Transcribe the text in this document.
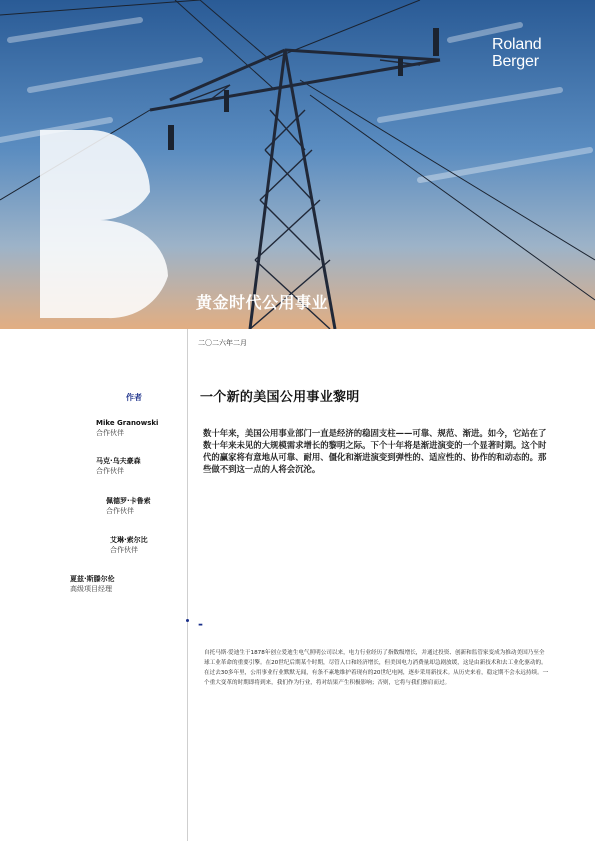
Roland
Berger
黄金时代公用事业
二〇二六年二月
作者
Mike Granowski
合作伙伴
马克·乌夫豪森
合作伙伴
佩德罗·卡鲁索
合作伙伴
艾琳·索尔比
合作伙伴
夏兹·斯滕尔伦
高级项目经理
一个新的美国公用事业黎明
数十年来，美国公用事业部门一直是经济的稳固支柱——可靠、规范、渐进。如今，它站在了数十年来未见的大规模需求增长的黎明之际。下个十年将是渐进演变的一个显著时期。这个时代的赢家将有意地从可靠、耐用、僵化和渐进演变到弹性的、适应性的、协作的和动态的。那些做不到这一点的人将会沉沦。
-
自托马斯·爱迪生于1878年创立爱迪生电气照明公司以来，电力行业经历了指数级增长，并通过投资、创新和监管家变成为推动美国乃至全球工业革命的重要引擎。在20世纪后期某个时期，尽管人口和经济增长，但美国电力消费量却急剧放缓，这是由新技术和去工业化驱动的。在过去30多年里，公用事业行业默默无闻，有条不紊地维护着现有的20世纪电网，逐步采用新技术。从历史来看，稳定期不会永远持续。一个重大变革的时期即将到来，我们作为行业，将对结果产生积极影响；否则，它将与我们擦肩而过。
